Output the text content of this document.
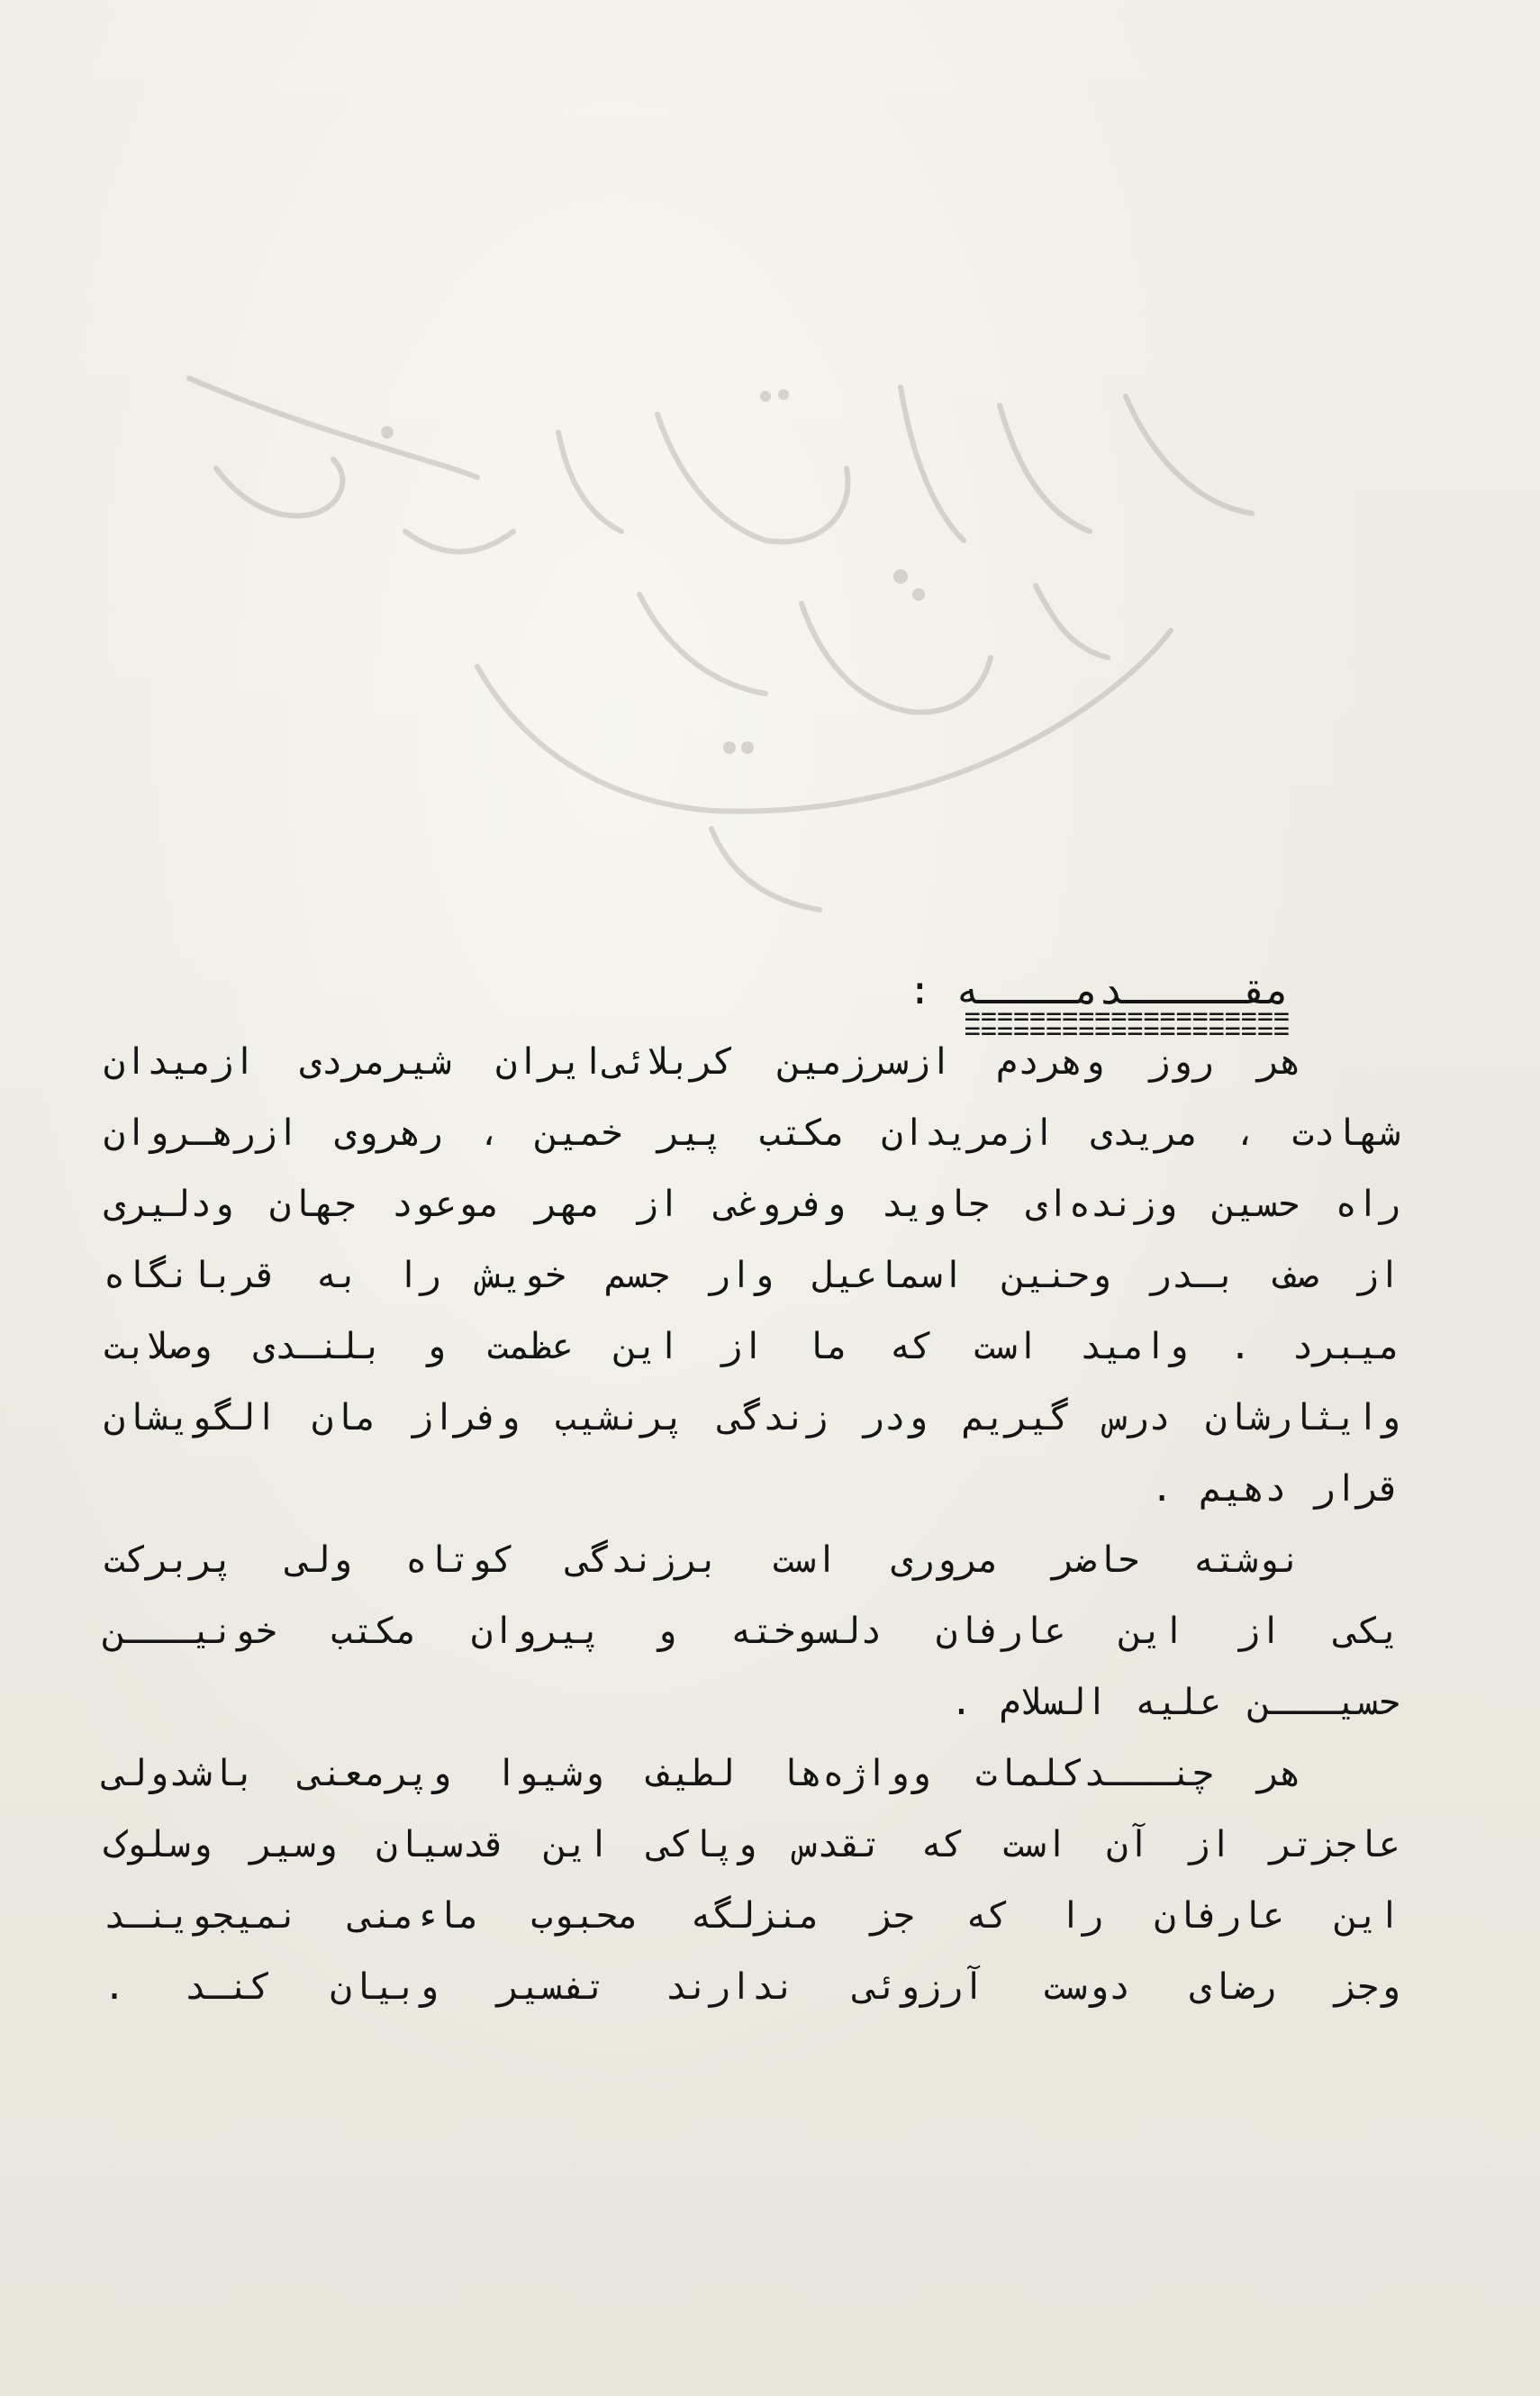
مقـــــدمــــه :
هر روز وهردم ازسرزمین کربلائی‌ایران شیرمردی ازمیدان
شهادت ، مریدی ازمریدان مکتب پیر خمین ، رهروی ازرهـروان
راه حسین وزنده‌ای جاوید وفروغی از مهر موعود جهان ودلیری
از صف بـدر وحنین اسماعیل وار جسم خویش را به قربانگاه
میبرد . وامید است که ما از این عظمت و بلنـدی وصلابت
وایثارشان درس گیریم ودر زندگی پرنشیب وفراز مان الگویشان
قرار دهیم .
نوشته حاضر مروری است برزندگی کوتاه ولی پربرکت
یکی از این عارفان دلسوخته و پیروان مکتب خونیـــن
حسیـــن علیه السلام .
هر چنـــدکلمات وواژه‌ها لطیف وشیوا وپرمعنی باشدولی
عاجزتر از آن است که تقدس وپاکی این قدسیان وسیر وسلوک
این عارفان را که جز منزلگه محبوب ماءمنی نمیجوینـد
وجز رضای دوست آرزوئی ندارند تفسیر وبیان کنـد .
